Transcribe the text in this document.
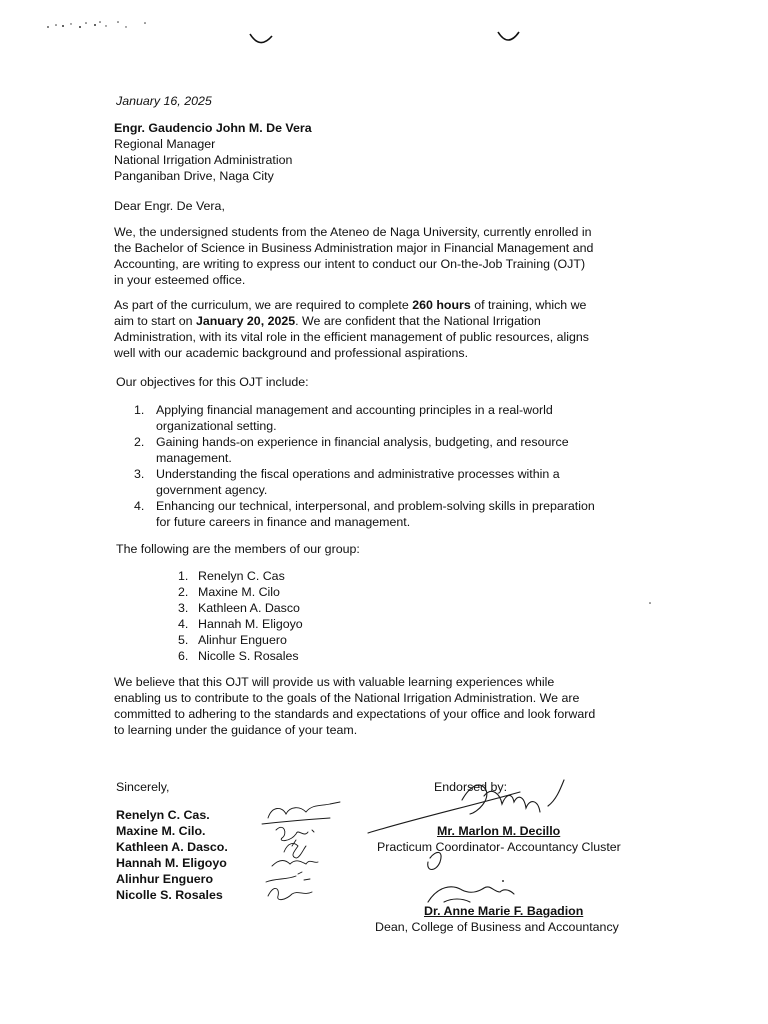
January 16, 2025
Engr. Gaudencio John M. De Vera
Regional Manager
National Irrigation Administration
Panganiban Drive, Naga City
Dear Engr. De Vera,
We, the undersigned students from the Ateneo de Naga University, currently enrolled in
the Bachelor of Science in Business Administration major in Financial Management and
Accounting, are writing to express our intent to conduct our On-the-Job Training (OJT)
in your esteemed office.
As part of the curriculum, we are required to complete 260 hours of training, which we
aim to start on January 20, 2025. We are confident that the National Irrigation
Administration, with its vital role in the efficient management of public resources, aligns
well with our academic background and professional aspirations.
Our objectives for this OJT include:
1. Applying financial management and accounting principles in a real-world
organizational setting.
2. Gaining hands-on experience in financial analysis, budgeting, and resource
management.
3. Understanding the fiscal operations and administrative processes within a
government agency.
4. Enhancing our technical, interpersonal, and problem-solving skills in preparation
for future careers in finance and management.
The following are the members of our group:
1. Renelyn C. Cas
2. Maxine M. Cilo
3. Kathleen A. Dasco
4. Hannah M. Eligoyo
5. Alinhur Enguero
6. Nicolle S. Rosales
We believe that this OJT will provide us with valuable learning experiences while
enabling us to contribute to the goals of the National Irrigation Administration. We are
committed to adhering to the standards and expectations of your office and look forward
to learning under the guidance of your team.
Sincerely,
Renelyn C. Cas.
Maxine M. Cilo.
Kathleen A. Dasco.
Hannah M. Eligoyo
Alinhur Enguero
Nicolle S. Rosales
Endorsed by:
Mr. Marlon M. Decillo
Practicum Coordinator- Accountancy Cluster
Dr. Anne Marie F. Bagadion
Dean, College of Business and Accountancy
